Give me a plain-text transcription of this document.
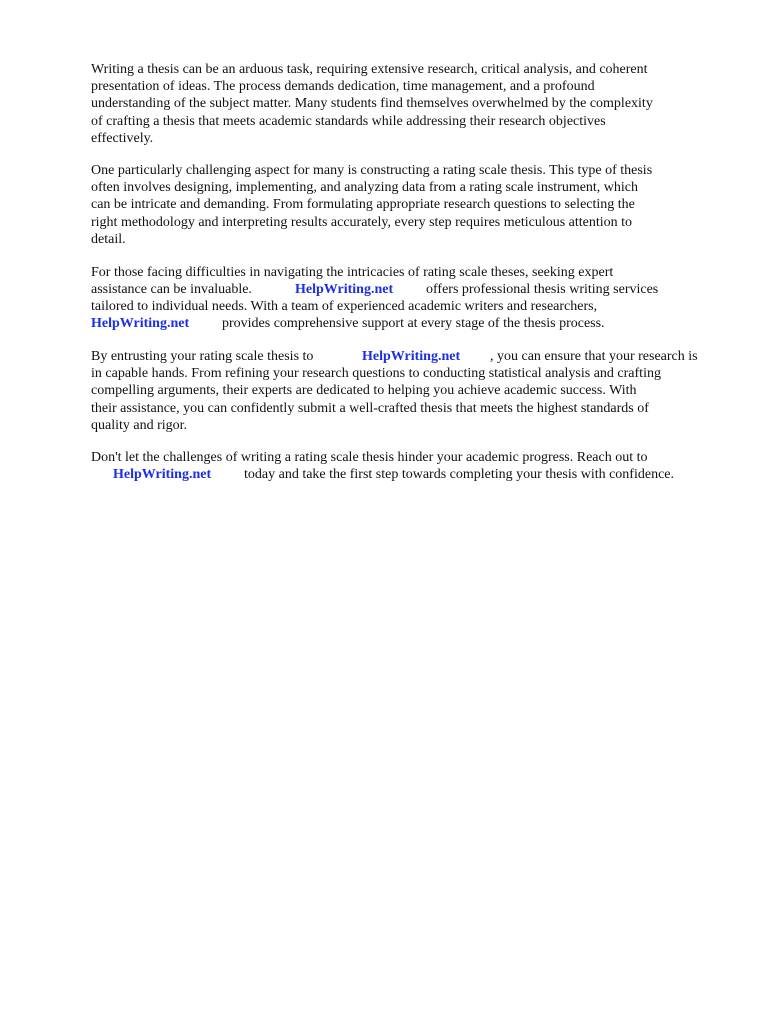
Writing a thesis can be an arduous task, requiring extensive research, critical analysis, and coherent

presentation of ideas. The process demands dedication, time management, and a profound

understanding of the subject matter. Many students find themselves overwhelmed by the complexity

of crafting a thesis that meets academic standards while addressing their research objectives

effectively.

One particularly challenging aspect for many is constructing a rating scale thesis. This type of thesis

often involves designing, implementing, and analyzing data from a rating scale instrument, which

can be intricate and demanding. From formulating appropriate research questions to selecting the

right methodology and interpreting results accurately, every step requires meticulous attention to

detail.

For those facing difficulties in navigating the intricacies of rating scale theses, seeking expert

assistance can be invaluable.	HelpWriting.net offers professional thesis writing services

tailored to individual needs. With a team of experienced academic writers and researchers,

HelpWriting.net provides comprehensive support at every stage of the thesis process.

By entrusting your rating scale thesis to	HelpWriting.net , you can ensure that your research is

in capable hands. From refining your research questions to conducting statistical analysis and crafting

compelling arguments, their experts are dedicated to helping you achieve academic success. With

their assistance, you can confidently submit a well-crafted thesis that meets the highest standards of

quality and rigor.

Don't let the challenges of writing a rating scale thesis hinder your academic progress. Reach out to

HelpWriting.net today and take the first step towards completing your thesis with confidence.
